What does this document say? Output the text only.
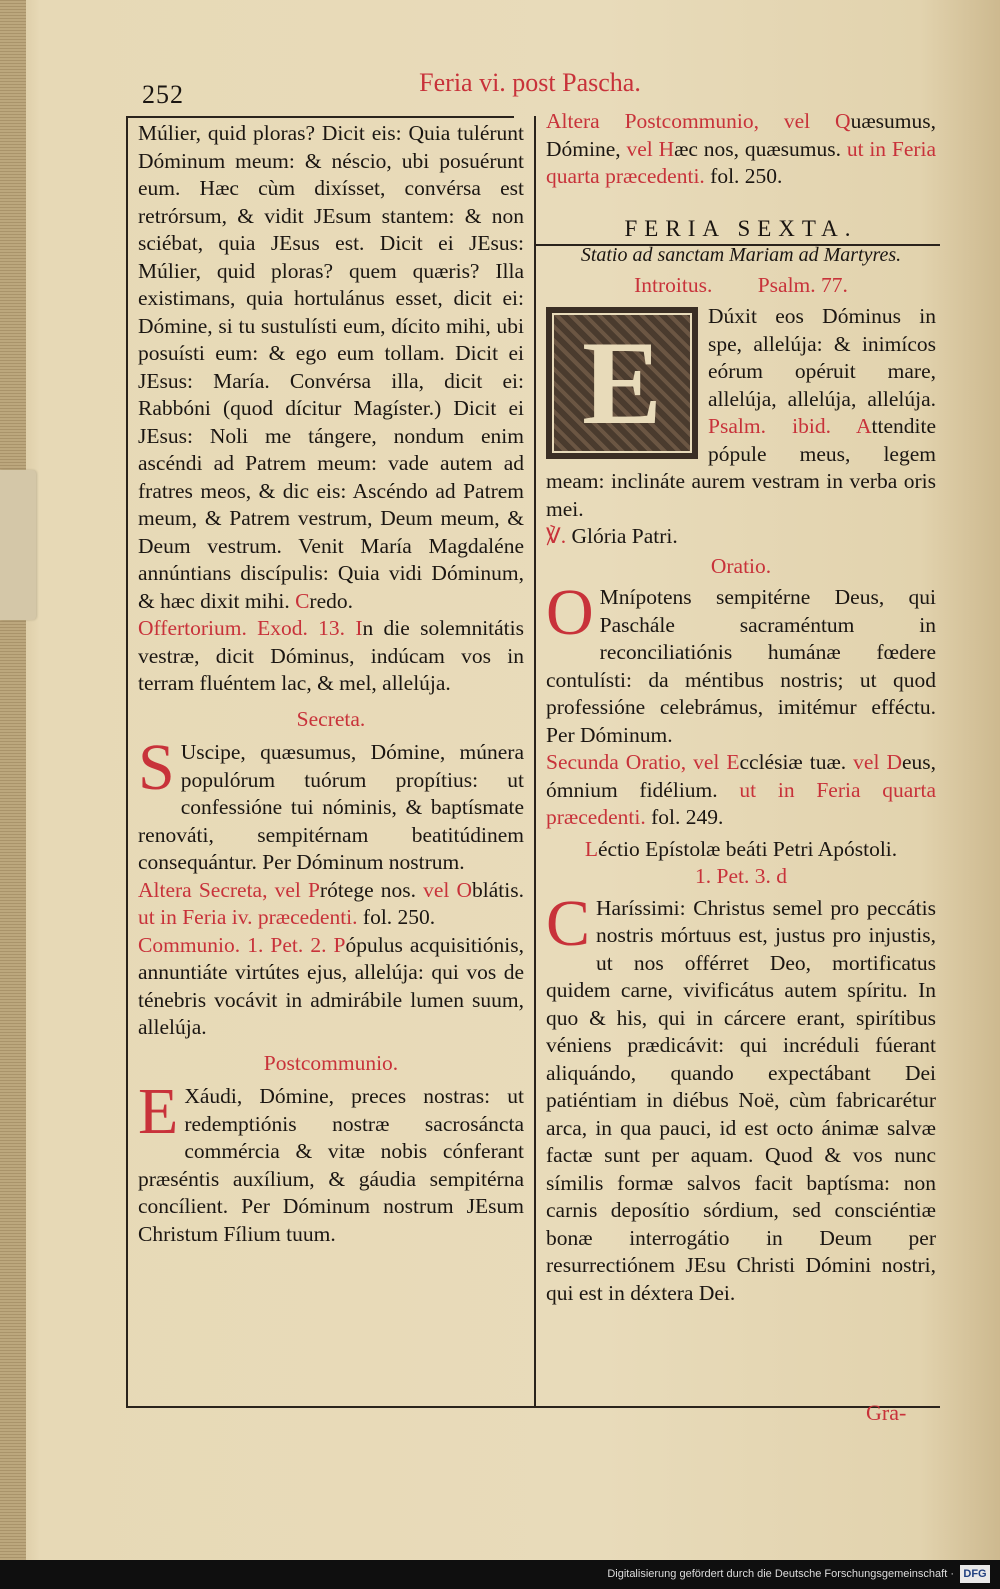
252	Feria vi. post Pascha.

Múlier, quid ploras? Dicit eis: Quia tulérunt Dóminum meum: & néscio, ubi posuérunt eum. Hæc cùm dixísset, convérsa est retrórsum, & vidit JEsum stantem: & non sciébat, quia JEsus est. Dicit ei JEsus: Múlier, quid ploras? quem quæris? Illa existimans, quia hortulánus esset, dicit ei: Dómine, si tu sustulísti eum, dícito mihi, ubi posuísti eum: & ego eum tollam. Dicit ei JEsus: María. Convérsa illa, dicit ei: Rabbóni (quod dícitur Magíster.) Dicit ei JEsus: Noli me tángere, nondum enim ascéndi ad Patrem meum: vade autem ad fratres meos, & dic eis: Ascéndo ad Patrem meum, & Patrem vestrum, Deum meum, & Deum vestrum. Venit María Magdaléne annúntians discípulis: Quia vidi Dóminum, & hæc dixit mihi. Credo.

Offertorium. Exod. 13. In die solemnitátis vestræ, dicit Dóminus, indúcam vos in terram fluéntem lac, & mel, allelúja.

Secreta.

S Uscipe, quæsumus, Dómine, múnera populórum tuórum propítius: ut confessióne tui nóminis, & baptísmate renováti, sempitérnam beatitúdinem consequántur. Per Dóminum nostrum.

Altera Secreta, vel Prótege nos. vel Oblátis. ut in Feria iv. præcedenti. fol. 250.

Communio. 1. Pet. 2. Pópulus acquisitiónis, annuntiáte virtútes ejus, allelúja: qui vos de ténebris vocávit in admirábile lumen suum, allelúja.

Postcommunio.

E Xáudi, Dómine, preces nostras: ut redemptiónis nostræ sacrosáncta commércia & vitæ nobis cónferant præséntis auxílium, & gáudia sempitérna concílient. Per Dóminum nostrum JEsum Christum Fílium tuum.

Altera Postcommunio, vel Quæsumus, Dómine, vel Hæc nos, quæsumus. ut in Feria quarta præcedenti. fol. 250.

FERIA SEXTA.

Statio ad sanctam Mariam ad Martyres.

Introitus. Psalm. 77.

E	Dúxit eos Dóminus in spe, allelúja: & inimícos eórum opéruit mare, allelúja, allelúja, allelúja. Psalm. ibid. Attendite pópule meus, legem meam: inclináte aurem vestram in verba oris mei.

℣. Glória Patri.

Oratio.

O Mnípotens sempitérne Deus, qui Paschále sacraméntum in reconciliatiónis humánæ fœdere contulísti: da méntibus nostris; ut quod professióne celebrámus, imitémur efféctu. Per Dóminum.

Secunda Oratio, vel Ecclésiæ tuæ. vel Deus, ómnium fidélium. ut in Feria quarta præcedenti. fol. 249.

Léctio Epístolæ beáti Petri Apóstoli.

1. Pet. 3. d

C Haríssimi: Christus semel pro peccátis nostris mórtuus est, justus pro injustis, ut nos offérret Deo, mortificatus quidem carne, vivificátus autem spíritu. In quo & his, qui in cárcere erant, spirítibus véniens prædicávit: qui incréduli fúerant aliquándo, quando expectábant Dei patiéntiam in diébus Noë, cùm fabricarétur arca, in qua pauci, id est octo ánimæ salvæ factæ sunt per aquam. Quod & vos nunc símilis formæ salvos facit baptísma: non carnis deposítio sórdium, sed consciéntiæ bonæ interrogátio in Deum per resurrectiónem JEsu Christi Dómini nostri, qui est in déxtera Dei.

Gra-
Digitalisierung gefördert durch die Deutsche Forschungsgemeinschaft · DFG
